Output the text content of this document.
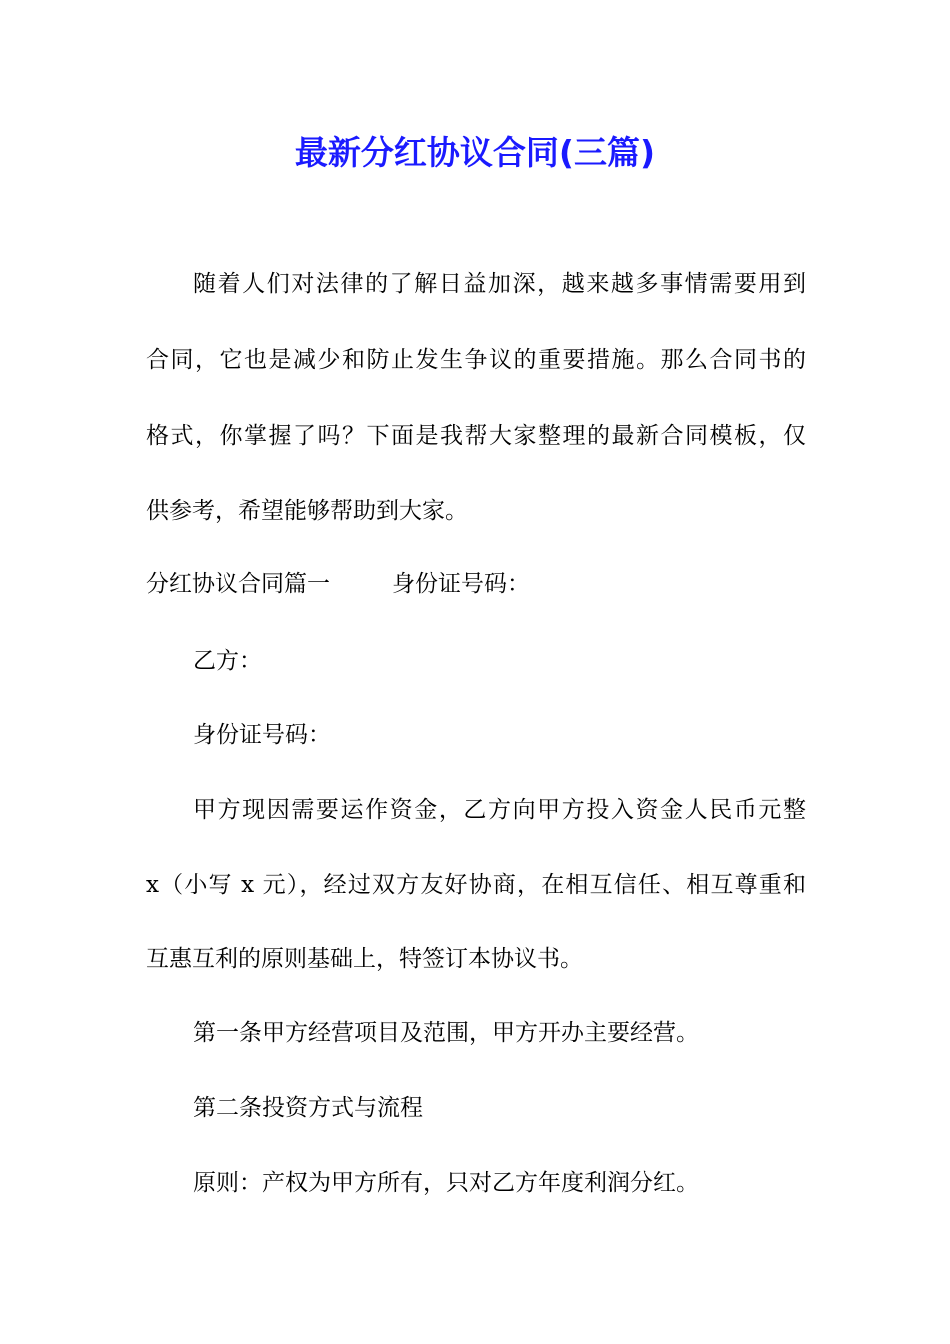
最新分红协议合同(三篇)
随着人们对法律的了解日益加深，越来越多事情需要用到
合同，它也是减少和防止发生争议的重要措施。那么合同书的
格式，你掌握了吗？下面是我帮大家整理的最新合同模板，仅
供参考，希望能够帮助到大家。
分红协议合同篇一	身份证号码：
乙方：
身份证号码：
甲方现因需要运作资金，乙方向甲方投入资金人民币元整
x（小写 x 元），经过双方友好协商，在相互信任、相互尊重和
互惠互利的原则基础上，特签订本协议书。
第一条甲方经营项目及范围，甲方开办主要经营。
第二条投资方式与流程
原则：产权为甲方所有，只对乙方年度利润分红。
